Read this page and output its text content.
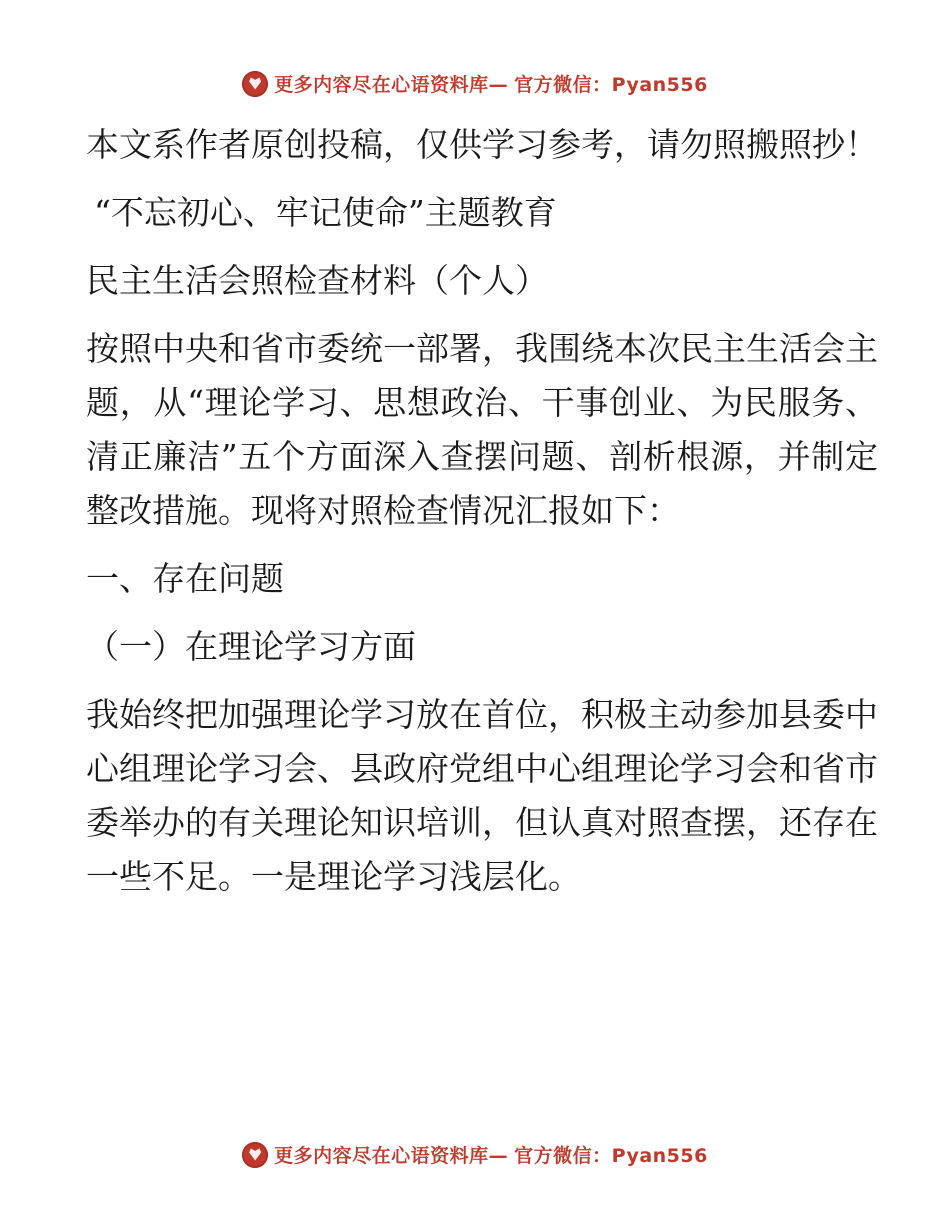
更多内容尽在心语资料库— 官方微信：Pyan556

本文系作者原创投稿，仅供学习参考，请勿照搬照抄！

“不忘初心、牢记使命”主题教育

民主生活会照检查材料（个人）

按照中央和省市委统一部署，我围绕本次民主生活会主题，从“理论学习、思想政治、干事创业、为民服务、清正廉洁”五个方面深入查摆问题、剖析根源，并制定整改措施。现将对照检查情况汇报如下：

一、存在问题

（一）在理论学习方面

我始终把加强理论学习放在首位，积极主动参加县委中心组理论学习会、县政府党组中心组理论学习会和省市委举办的有关理论知识培训，但认真对照查摆，还存在一些不足。一是理论学习浅层化。

更多内容尽在心语资料库— 官方微信：Pyan556
